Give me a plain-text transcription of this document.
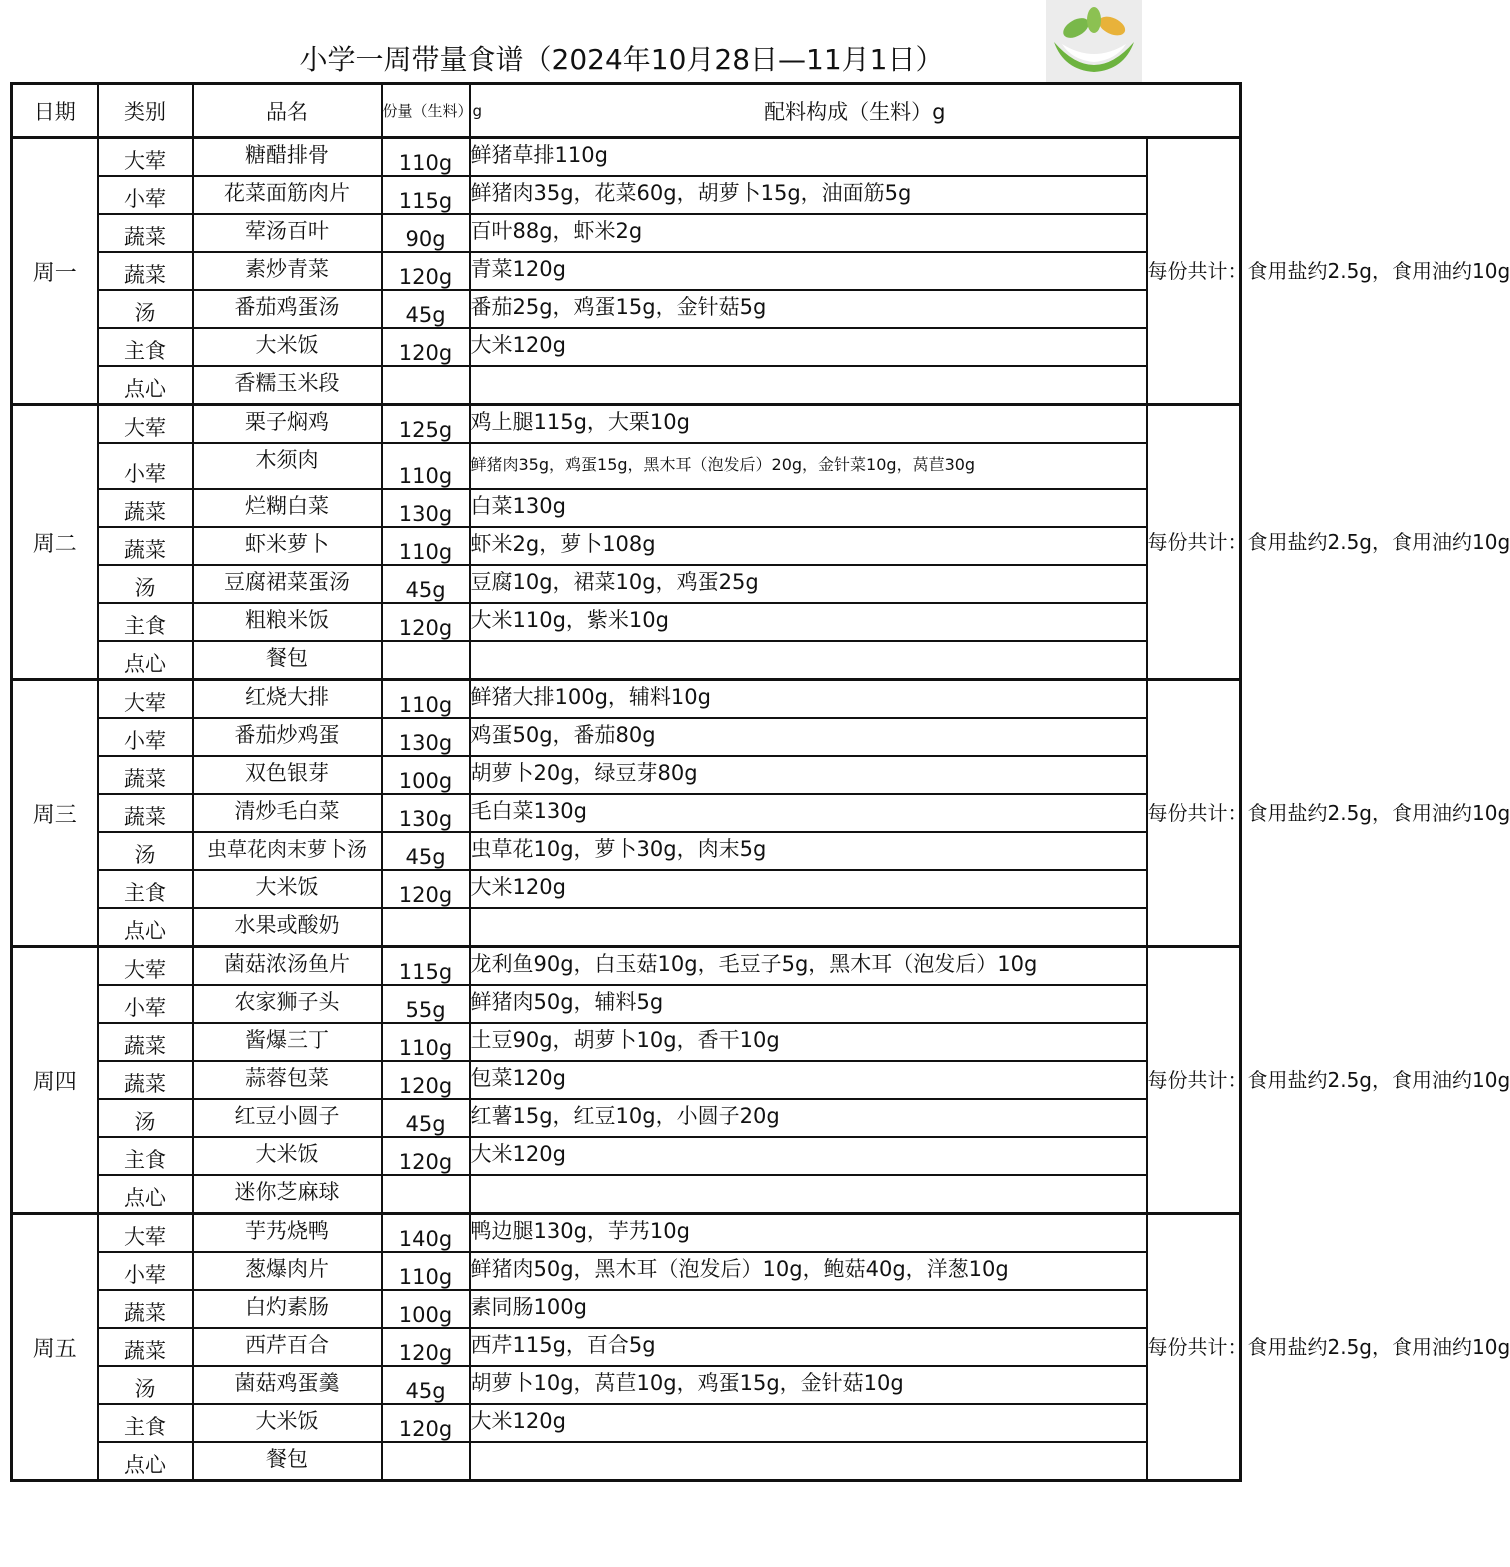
小学一周带量食谱（2024年10月28日—11月1日）
日期	类别	品名	份量（生料）g	配料构成（生料）g	
周一	大荤	糖醋排骨	110g	鲜猪草排110g	每份共计：食用盐约2.5g，食用油约10g
	小荤	花菜面筋肉片	115g	鲜猪肉35g，花菜60g，胡萝卜15g，油面筋5g	
	蔬菜	荤汤百叶	90g	百叶88g，虾米2g	
	蔬菜	素炒青菜	120g	青菜120g	
	汤	番茄鸡蛋汤	45g	番茄25g，鸡蛋15g，金针菇5g	
	主食	大米饭	120g	大米120g	
	点心	香糯玉米段			
周二	大荤	栗子焖鸡	125g	鸡上腿115g，大栗10g	每份共计：食用盐约2.5g，食用油约10g
	小荤	木须肉	110g	鲜猪肉35g，鸡蛋15g，黑木耳（泡发后）20g，金针菜10g，莴苣30g	
	蔬菜	烂糊白菜	130g	白菜130g	
	蔬菜	虾米萝卜	110g	虾米2g，萝卜108g	
	汤	豆腐裙菜蛋汤	45g	豆腐10g，裙菜10g，鸡蛋25g	
	主食	粗粮米饭	120g	大米110g，紫米10g	
	点心	餐包			
周三	大荤	红烧大排	110g	鲜猪大排100g，辅料10g	每份共计：食用盐约2.5g，食用油约10g
	小荤	番茄炒鸡蛋	130g	鸡蛋50g，番茄80g	
	蔬菜	双色银芽	100g	胡萝卜20g，绿豆芽80g	
	蔬菜	清炒毛白菜	130g	毛白菜130g	
	汤	虫草花肉末萝卜汤	45g	虫草花10g，萝卜30g，肉末5g	
	主食	大米饭	120g	大米120g	
	点心	水果或酸奶			
周四	大荤	菌菇浓汤鱼片	115g	龙利鱼90g，白玉菇10g，毛豆子5g，黑木耳（泡发后）10g	每份共计：食用盐约2.5g，食用油约10g
	小荤	农家狮子头	55g	鲜猪肉50g，辅料5g	
	蔬菜	酱爆三丁	110g	土豆90g，胡萝卜10g，香干10g	
	蔬菜	蒜蓉包菜	120g	包菜120g	
	汤	红豆小圆子	45g	红薯15g，红豆10g，小圆子20g	
	主食	大米饭	120g	大米120g	
	点心	迷你芝麻球			
周五	大荤	芋艿烧鸭	140g	鸭边腿130g，芋艿10g	每份共计：食用盐约2.5g，食用油约10g
	小荤	葱爆肉片	110g	鲜猪肉50g，黑木耳（泡发后）10g，鲍菇40g，洋葱10g	
	蔬菜	白灼素肠	100g	素同肠100g	
	蔬菜	西芹百合	120g	西芹115g，百合5g	
	汤	菌菇鸡蛋羹	45g	胡萝卜10g，莴苣10g，鸡蛋15g，金针菇10g	
	主食	大米饭	120g	大米120g	
	点心	餐包			
